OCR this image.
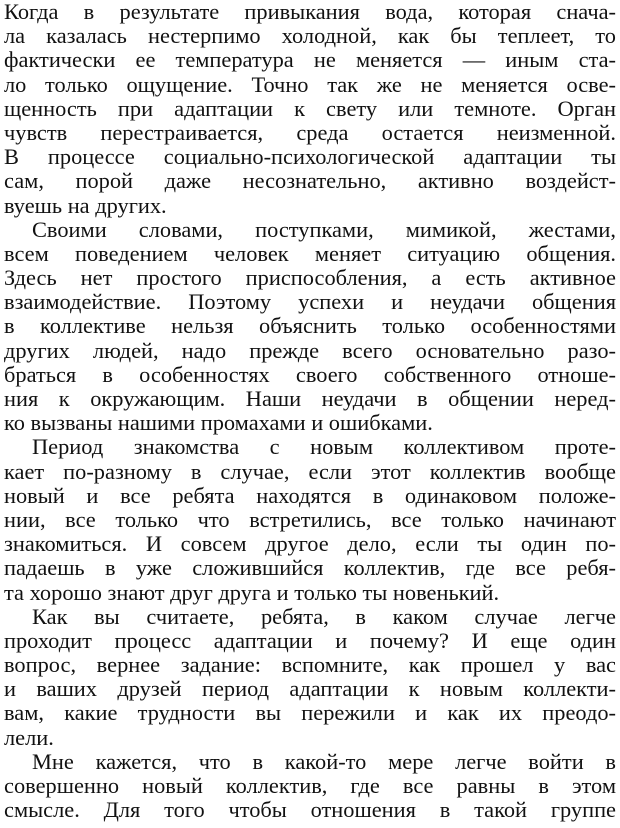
Когда в результате привыкания вода, которая снача-
ла казалась нестерпимо холодной, как бы теплеет, то
фактически ее температура не меняется — иным ста-
ло только ощущение. Точно так же не меняется осве-
щенность при адаптации к свету или темноте. Орган
чувств перестраивается, среда остается неизменной.
В процессе социально-психологической адаптации ты
сам, порой даже несознательно, активно воздейст-
вуешь на других.
Своими словами, поступками, мимикой, жестами,
всем поведением человек меняет ситуацию общения.
Здесь нет простого приспособления, а есть активное
взаимодействие. Поэтому успехи и неудачи общения
в коллективе нельзя объяснить только особенностями
других людей, надо прежде всего основательно разо-
браться в особенностях своего собственного отноше-
ния к окружающим. Наши неудачи в общении неред-
ко вызваны нашими промахами и ошибками.
Период знакомства с новым коллективом проте-
кает по-разному в случае, если этот коллектив вообще
новый и все ребята находятся в одинаковом положе-
нии, все только что встретились, все только начинают
знакомиться. И совсем другое дело, если ты один по-
падаешь в уже сложившийся коллектив, где все ребя-
та хорошо знают друг друга и только ты новенький.
Как вы считаете, ребята, в каком случае легче
проходит процесс адаптации и почему? И еще один
вопрос, вернее задание: вспомните, как прошел у вас
и ваших друзей период адаптации к новым коллекти-
вам, какие трудности вы пережили и как их преодо-
лели.
Мне кажется, что в какой-то мере легче войти в
совершенно новый коллектив, где все равны в этом
смысле. Для того чтобы отношения в такой группе
